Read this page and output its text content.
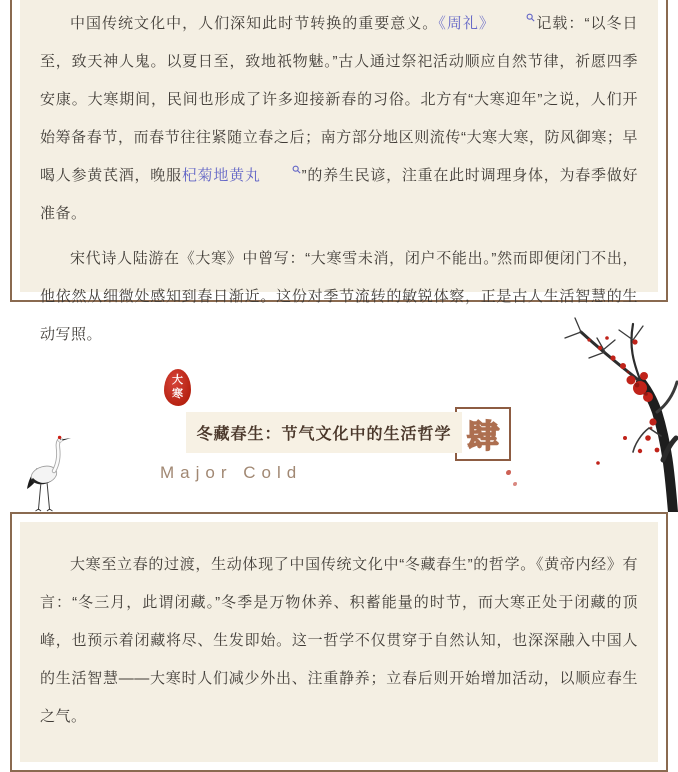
中国传统文化中，人们深知此时节转换的重要意义。《周礼》	记载：“以冬日至，致天神人鬼。以夏日至，致地祇物魅。”古人通过祭祀活动顺应自然节律，祈愿四季安康。大寒期间，民间也形成了许多迎接新春的习俗。北方有“大寒迎年”之说，人们开始筹备春节，而春节往往紧随立春之后；南方部分地区则流传“大寒大寒，防风御寒；早喝人参黄芪酒，晚服杞菊地黄丸	”的养生民谚，注重在此时调理身体，为春季做好准备。

宋代诗人陆游在《大寒》中曾写：“大寒雪未消，闭户不能出。”然而即便闭门不出，他依然从细微处感知到春日渐近。这份对季节流转的敏锐体察，正是古人生活智慧的生动写照。

大寒
肆
冬藏春生：节气文化中的生活哲学
Major Cold

大寒至立春的过渡，生动体现了中国传统文化中“冬藏春生”的哲学。《黄帝内经》有言：“冬三月，此谓闭藏。”冬季是万物休养、积蓄能量的时节，而大寒正处于闭藏的顶峰，也预示着闭藏将尽、生发即始。这一哲学不仅贯穿于自然认知，也深深融入中国人的生活智慧——大寒时人们减少外出、注重静养；立春后则开始增加活动，以顺应春生之气。
